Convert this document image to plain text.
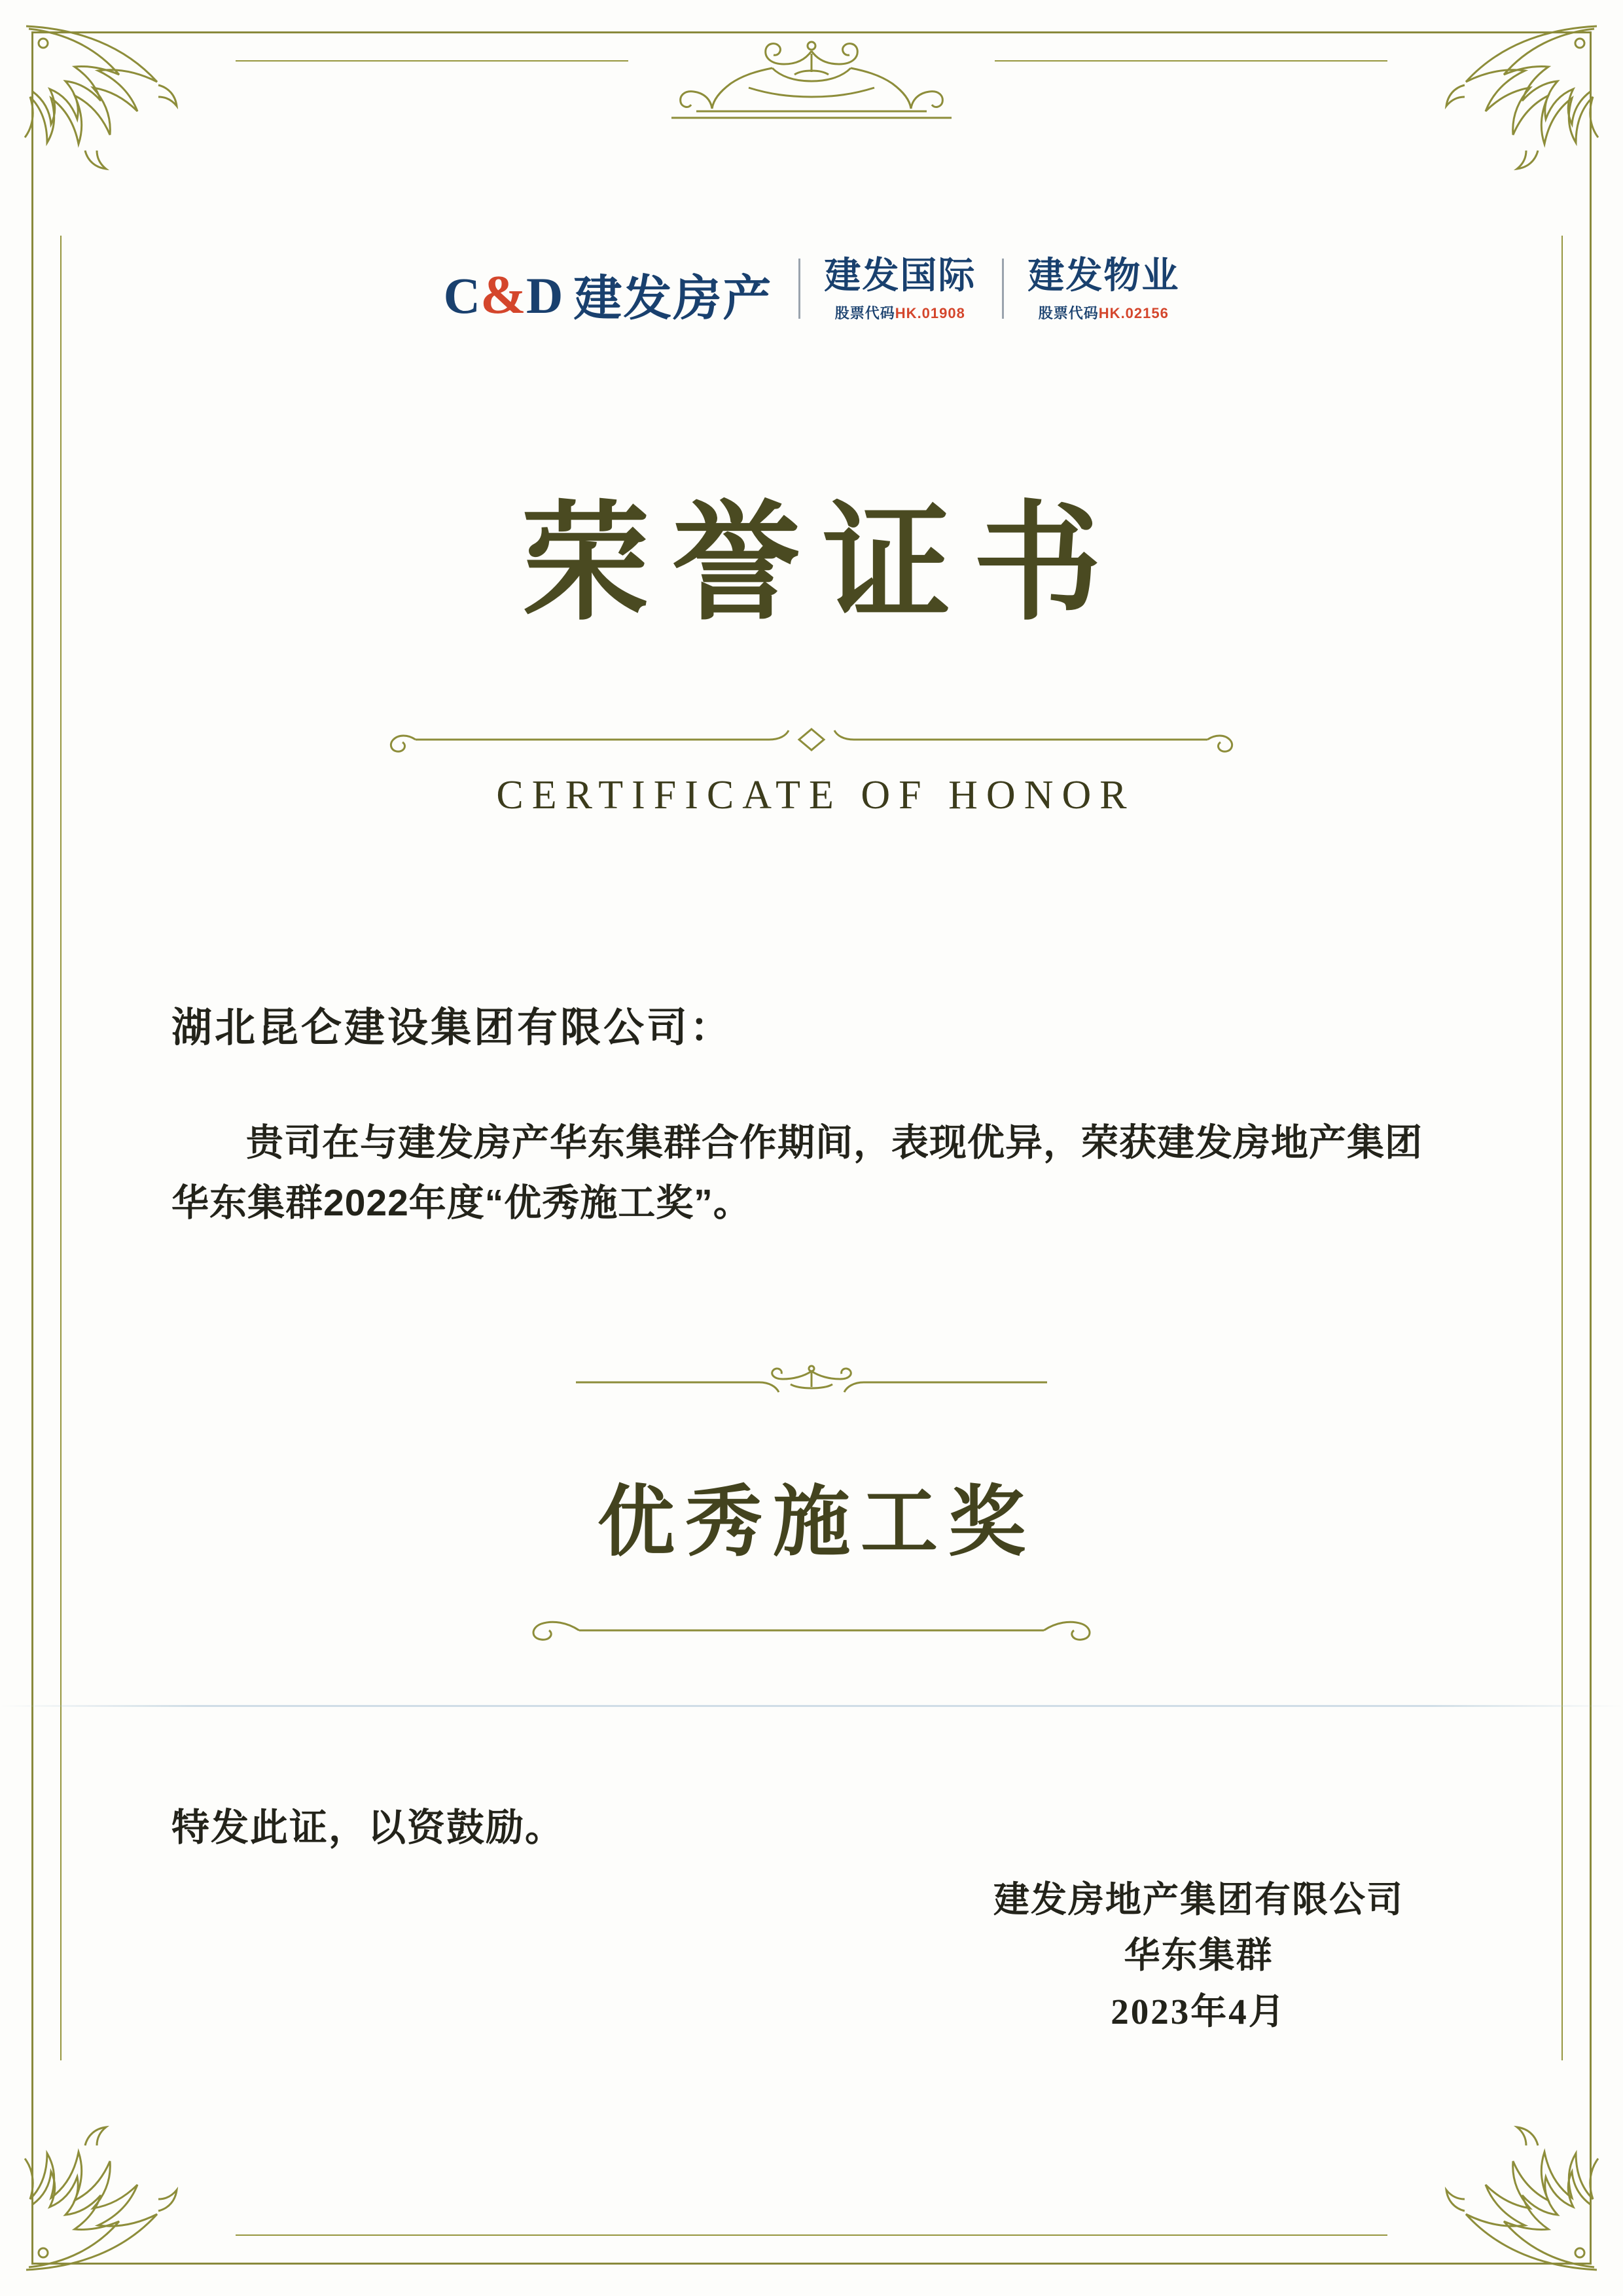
C & D 建发房产 建发国际
股票代码HK.01908
建发物业
股票代码HK.02156
荣誉证书
CERTIFICATE OF HONOR
湖北昆仑建设集团有限公司：
贵司在与建发房产华东集群合作期间，表现优异，荣获建发房地产集团华东集群2022年度“优秀施工奖”。
优秀施工奖
特发此证，以资鼓励。
建发房地产集团有限公司
华东集群
2023年4月
